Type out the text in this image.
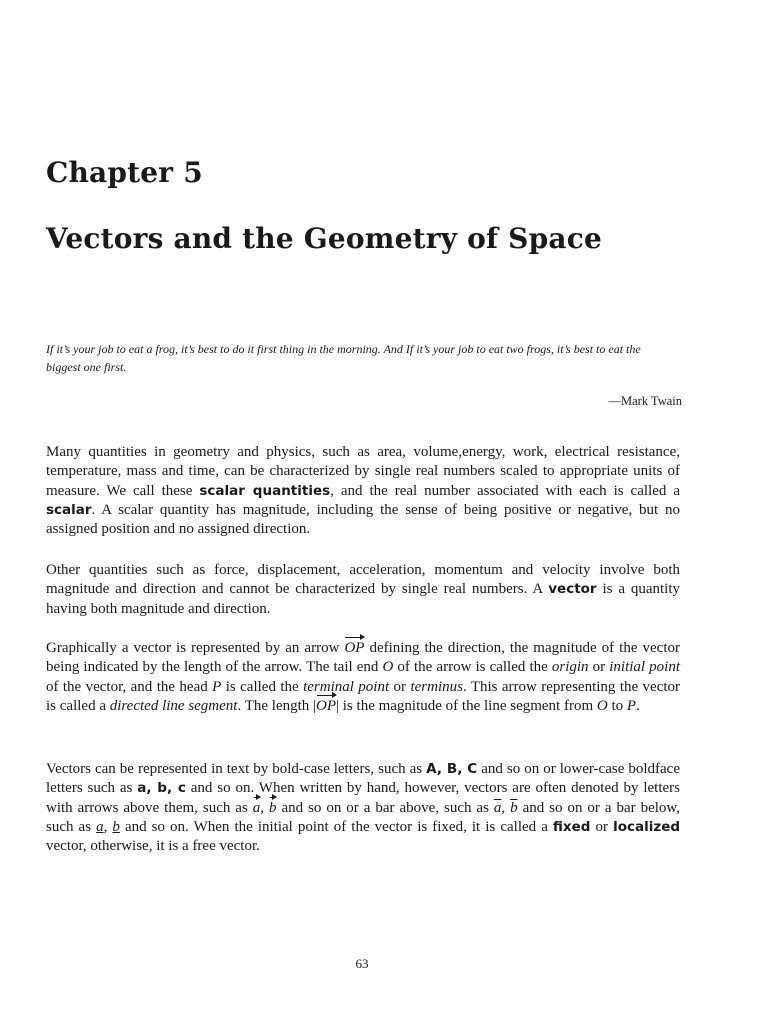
Chapter 5
Vectors and the Geometry of Space
If it’s your job to eat a frog, it’s best to do it first thing in the morning. And If it’s your job to eat two frogs, it’s best to eat the biggest one first.
—Mark Twain
Many quantities in geometry and physics, such as area, volume,energy, work, electrical resistance, temperature, mass and time, can be characterized by single real numbers scaled to appropriate units of measure. We call these scalar quantities, and the real number associated with each is called a scalar. A scalar quantity has magnitude, including the sense of being positive or negative, but no assigned position and no assigned direction.
Other quantities such as force, displacement, acceleration, momentum and velocity involve both magnitude and direction and cannot be characterized by single real numbers. A vector is a quantity having both magnitude and direction.
Graphically a vector is represented by an arrow OP defining the direction, the magnitude of the vector being indicated by the length of the arrow. The tail end O of the arrow is called the origin or initial point of the vector, and the head P is called the terminal point or terminus. This arrow representing the vector is called a directed line segment. The length |OP| is the magnitude of the line segment from O to P.
Vectors can be represented in text by bold-case letters, such as A, B, C and so on or lower-case boldface letters such as a, b, c and so on. When written by hand, however, vectors are often denoted by letters with arrows above them, such as a, b and so on or a bar above, such as $\overline{a}$, $\overline{b}$ and so on or a bar below, such as a, b and so on. When the initial point of the vector is fixed, it is called a fixed or localized vector, otherwise, it is a free vector.
63
